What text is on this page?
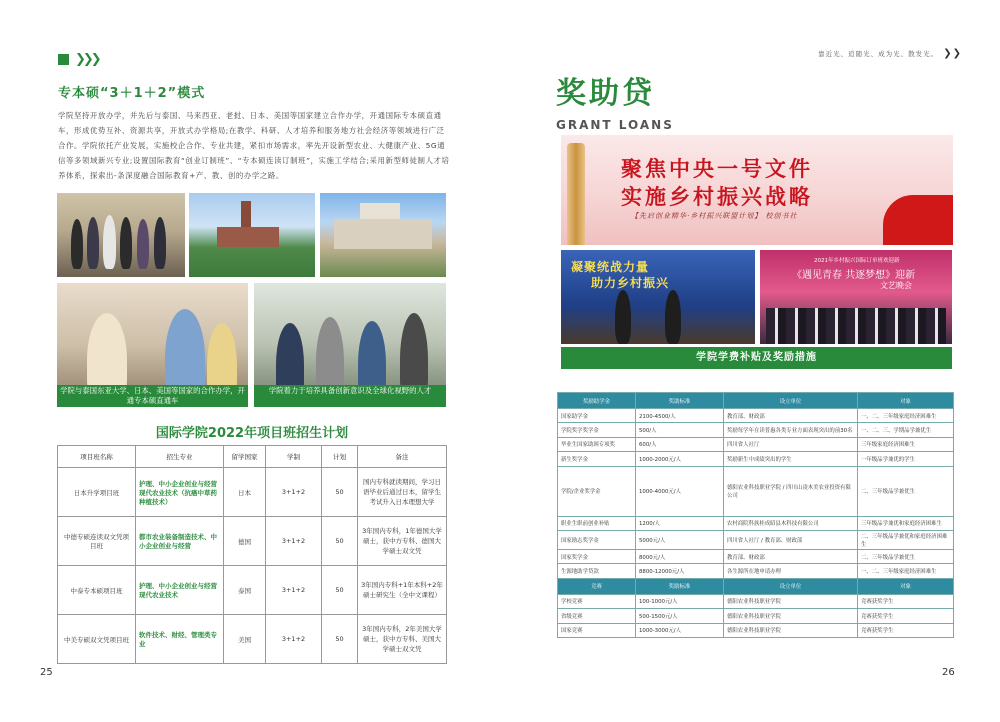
❯❯❯
专本硕“3＋1＋2”模式

学院坚持开放办学，并先后与泰国、马来西亚、老挝、日本、美国等国家建立合作办学，开通国际专本硕直通车，形成优势互补、资源共享，开放式办学格局;在教学、科研、人才培养和服务地方社会经济等领域进行广泛合作。学院依托产业发展，实施校企合作、专业共建，紧扣市场需求，率先开设新型农业、大健康产业、5G通信等多领域新兴专业;设置国际教育“创业订制班”、“专本硕连读订制班”，实施工学结合;采用新型师徒制人才培养体系，探索出-条深度融合国际教育+产、教、创的办学之路。

学院与泰国东亚大学、日本、美国等国家的合作办学，开通专本硕直通车
学院着力于培养具备创新意识及全球化视野的人才
国际学院2022年项目班招生计划
项目班名称	招生专业	留学国家	学制	计划	备注
日本升学项目班	护理、中小企业创业与经营现代农业技术（抗癌中草药种植技术）	日本	3+1+2	50	国内专科就读期间，学习日语毕业后通过日本，留学生考试升入日本理想大学
中德专硕连读双文凭项目班	都市农业装备制造技术、中小企业创业与经营	德国	3+1+2	50	3年国内专科，1年德国大学硕士，获中方专科、德国大学硕士双文凭
中泰专本硕项目班	护理、中小企业创业与经营现代农业技术	泰国	3+1+2	50	3年国内专科+1年本科+2年硕士研究生（全中文课程）
中美专硕双文凭项目班	软件技术、财经、管理类专业	美国	3+1+2	50	3年国内专科，2年美国大学硕士，获中方专科、美国大学硕士双文凭
25
靠近光、追随光、成为光、散发光。 ❯❯
奖助贷
GRANT LOANS
聚焦中央一号文件
实施乡村振兴战略
【先启创业精华·乡村振兴联盟计划】 校创书社
凝聚统战力量
助力乡村振兴
2021年乡村振兴国际订单班欢迎新
《遇见青春 共逐梦想》迎新
文艺晚会
学院学费补贴及奖励措施
奖励助学金	奖助标准	设立单位	对象
国家助学金	2100-4500/人	教育部、财政部	一、二、三年级家庭经济困难生
学院奖学奖学金	500/人	奖励每学年在读普惠各类专业方面表现突出的前30名	一、二、三、学期品学兼优生
毕业生国家助困专项奖	600/人	四川省人社厅	三年级家庭经济困难生
新生奖学金	1000-2000元/人	奖励新生中成绩突出的学生	一年级品学兼优的学生
学院/企业奖学金	1000-4000元/人	德阳农业科技职业学院 / 四川山凌木美农业投资有限公司	二、三年级品学兼优生
职业生职前创业补贴	1200/人	农村商院科族桂成昭县木科技有限公司	三年级品学兼优和家庭经济困难生
国家励志奖学金	5000元/人	四川省人社厅 / 教育部、财政部	二、三年级品学兼优和家庭经济困难生
国家奖学金	8000元/人	教育部、财政部	二、三年级品学兼优生
生源地助学贷款	8800-12000元/人	各生源所在地申请办理	一、二、三年级家庭经济困难生
竞赛	奖励标准	设立单位	对象
学校竞赛	100-1000元/人	德阳农业科技职业学院	竞赛获奖学生
省级竞赛	500-1500元/人	德阳农业科技职业学院	竞赛获奖学生
国家竞赛	1000-3000元/人	德阳农业科技职业学院	竞赛获奖学生
26
